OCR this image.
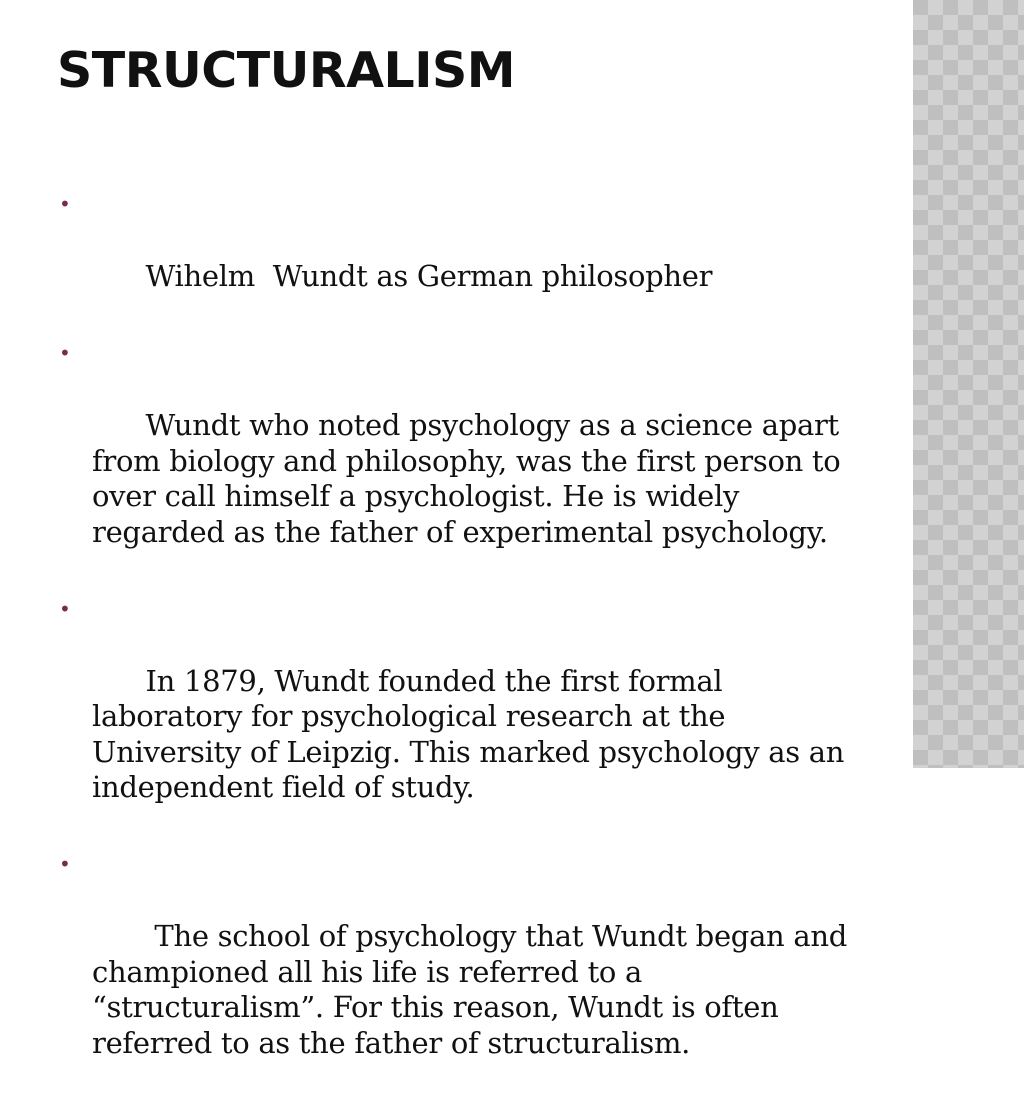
STRUCTURALISM

•

Wihelm  Wundt as German philosopher

•

Wundt who noted psychology as a science apart from biology and philosophy, was the first person to over call himself a psychologist. He is widely regarded as the father of experimental psychology.

•

In 1879, Wundt founded the first formal laboratory for psychological research at the University of Leipzig. This marked psychology as an independent field of study.

•

The school of psychology that Wundt began and championed all his life is referred to a “structuralism”. For this reason, Wundt is often referred to as the father of structuralism.
